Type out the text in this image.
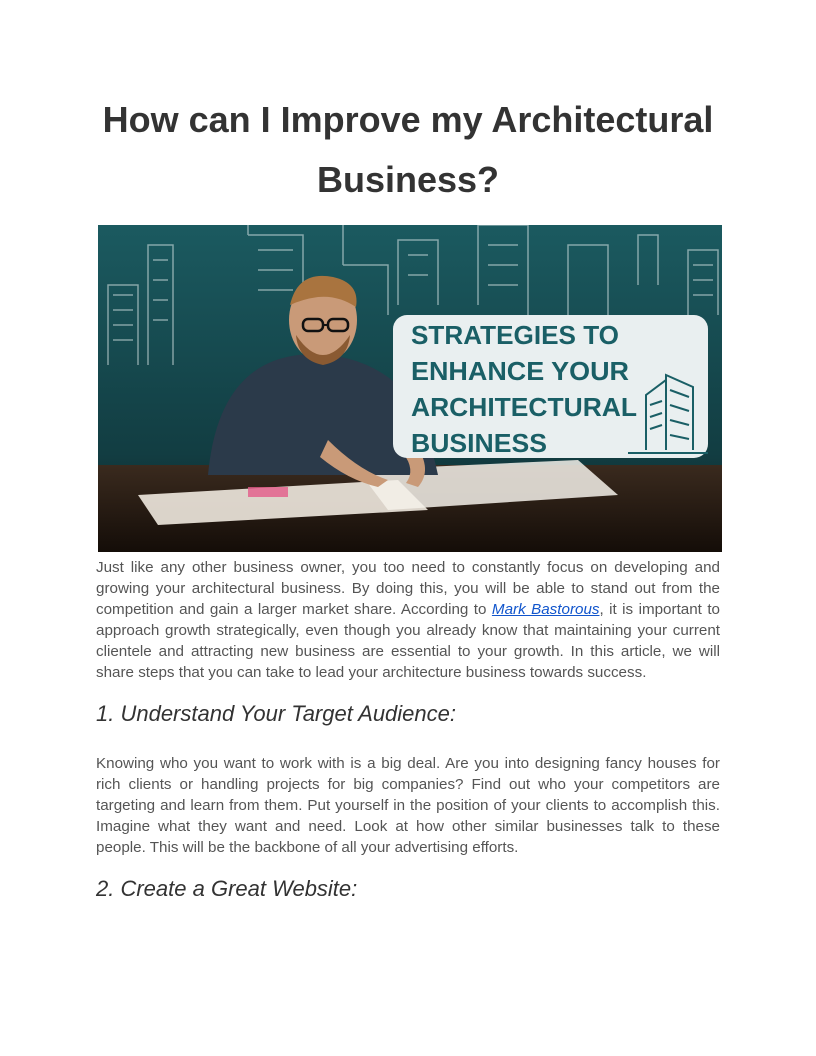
How can I Improve my Architectural Business?
STRATEGIES TO
ENHANCE YOUR
ARCHITECTURAL
BUSINESS

Just like any other business owner, you too need to constantly focus on developing and growing your architectural business. By doing this, you will be able to stand out from the competition and gain a larger market share. According to Mark Bastorous, it is important to approach growth strategically, even though you already know that maintaining your current clientele and attracting new business are essential to your growth. In this article, we will share steps that you can take to lead your architecture business towards success.

1. Understand Your Target Audience:

Knowing who you want to work with is a big deal. Are you into designing fancy houses for rich clients or handling projects for big companies? Find out who your competitors are targeting and learn from them. Put yourself in the position of your clients to accomplish this. Imagine what they want and need. Look at how other similar businesses talk to these people. This will be the backbone of all your advertising efforts.

2. Create a Great Website:
